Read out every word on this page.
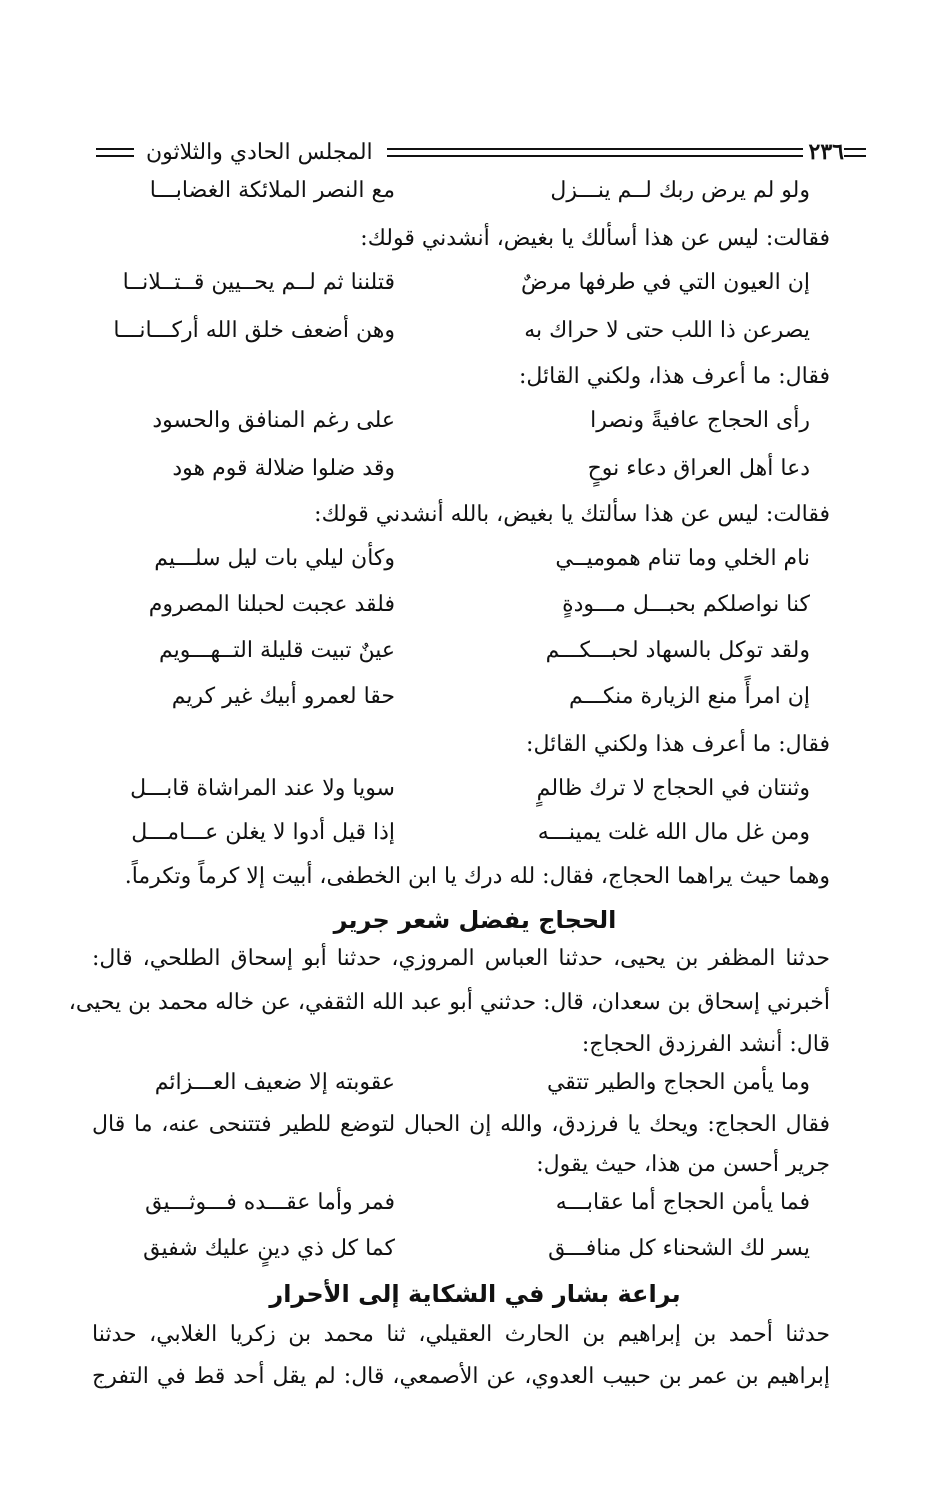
٢٣٦
المجلس الحادي والثلاثون
ولو لم يرض ربك لــم ينـــزل
مع النصر الملائكة الغضابـــا
فقالت: ليس عن هذا أسألك يا بغيض، أنشدني قولك:
إن العيون التي في طرفها مرضٌ
قتلننا ثم لــم يحــيين قــتــلانــا
يصرعن ذا اللب حتى لا حراك به
وهن أضعف خلق الله أركـــانـــا
فقال: ما أعرف هذا، ولكني القائل:
رأى الحجاج عافيةً ونصرا
على رغم المنافق والحسود
دعا أهل العراق دعاء نوحٍ
وقد ضلوا ضلالة قوم هود
فقالت: ليس عن هذا سألتك يا بغيض، بالله أنشدني قولك:
نام الخلي وما تنام هموميــي
وكأن ليلي بات ليل سلـــيم
كنا نواصلكم بحبـــل مـــودةٍ
فلقد عجبت لحبلنا المصروم
ولقد توكل بالسهاد لحبـــكـــم
عينٌ تبيت قليلة التــهـــويم
إن امرأً منع الزيارة منكـــم
حقا لعمرو أبيك غير كريم
فقال: ما أعرف هذا ولكني القائل:
وثنتان في الحجاج لا ترك ظالمٍ
سويا ولا عند المراشاة قابـــل
ومن غل مال الله غلت يمينـــه
إذا قيل أدوا لا يغلن عـــامـــل
وهما حيث يراهما الحجاج، فقال: لله درك يا ابن الخطفى، أبيت إلا كرماً وتكرماً.
الحجاج يفضل شعر جرير
حدثنا المظفر بن يحيى، حدثنا العباس المروزي، حدثنا أبو إسحاق الطلحي، قال:
أخبرني إسحاق بن سعدان، قال: حدثني أبو عبد الله الثقفي، عن خاله محمد بن يحيى،
قال: أنشد الفرزدق الحجاج:
وما يأمن الحجاج والطير تتقي
عقوبته إلا ضعيف العـــزائم
فقال الحجاج: ويحك يا فرزدق، والله إن الحبال لتوضع للطير فتتنحى عنه، ما قال
جرير أحسن من هذا، حيث يقول:
فما يأمن الحجاج أما عقابـــه
فمر وأما عقـــده فـــوثـــيق
يسر لك الشحناء كل منافـــق
كما كل ذي دينٍ عليك شفيق
براعة بشار في الشكاية إلى الأحرار
حدثنا أحمد بن إبراهيم بن الحارث العقيلي، ثنا محمد بن زكريا الغلابي، حدثنا
إبراهيم بن عمر بن حبيب العدوي، عن الأصمعي، قال: لم يقل أحد قط في التفرج
